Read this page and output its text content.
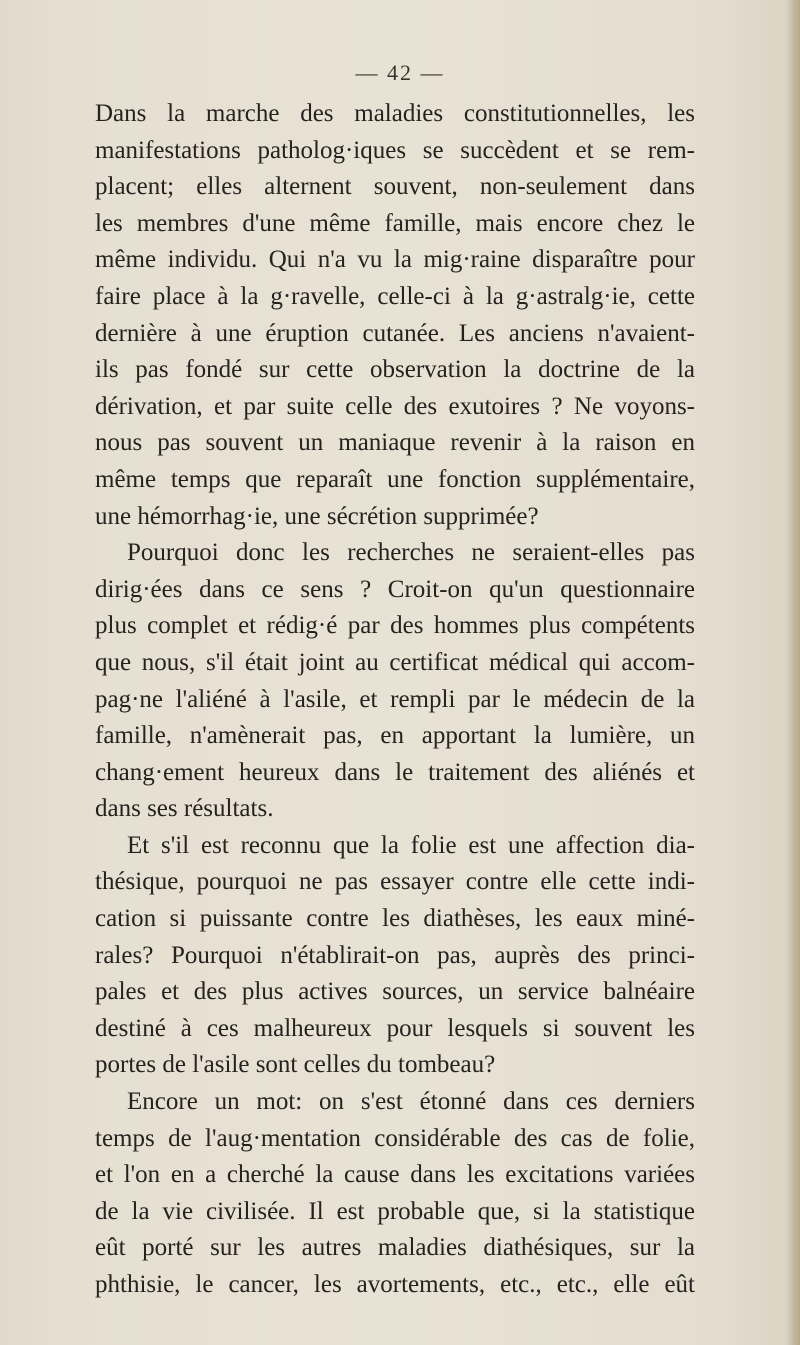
— 42 —
Dans la marche des maladies constitutionnelles, les
manifestations patholog·iques se succèdent et se rem-
placent; elles alternent souvent, non-seulement dans
les membres d'une même famille, mais encore chez le
même individu. Qui n'a vu la mig·raine disparaître pour
faire place à la g·ravelle, celle-ci à la g·astralg·ie, cette
dernière à une éruption cutanée. Les anciens n'avaient-
ils pas fondé sur cette observation la doctrine de la
dérivation, et par suite celle des exutoires ? Ne voyons-
nous pas souvent un maniaque revenir à la raison en
même temps que reparaît une fonction supplémentaire,
une hémorrhag·ie, une sécrétion supprimée?
Pourquoi donc les recherches ne seraient-elles pas
dirig·ées dans ce sens ? Croit-on qu'un questionnaire
plus complet et rédig·é par des hommes plus compétents
que nous, s'il était joint au certificat médical qui accom-
pag·ne l'aliéné à l'asile, et rempli par le médecin de la
famille, n'amènerait pas, en apportant la lumière, un
chang·ement heureux dans le traitement des aliénés et
dans ses résultats.
Et s'il est reconnu que la folie est une affection dia-
thésique, pourquoi ne pas essayer contre elle cette indi-
cation si puissante contre les diathèses, les eaux miné-
rales? Pourquoi n'établirait-on pas, auprès des princi-
pales et des plus actives sources, un service balnéaire
destiné à ces malheureux pour lesquels si souvent les
portes de l'asile sont celles du tombeau?
Encore un mot: on s'est étonné dans ces derniers
temps de l'aug·mentation considérable des cas de folie,
et l'on en a cherché la cause dans les excitations variées
de la vie civilisée. Il est probable que, si la statistique
eût porté sur les autres maladies diathésiques, sur la
phthisie, le cancer, les avortements, etc., etc., elle eût
